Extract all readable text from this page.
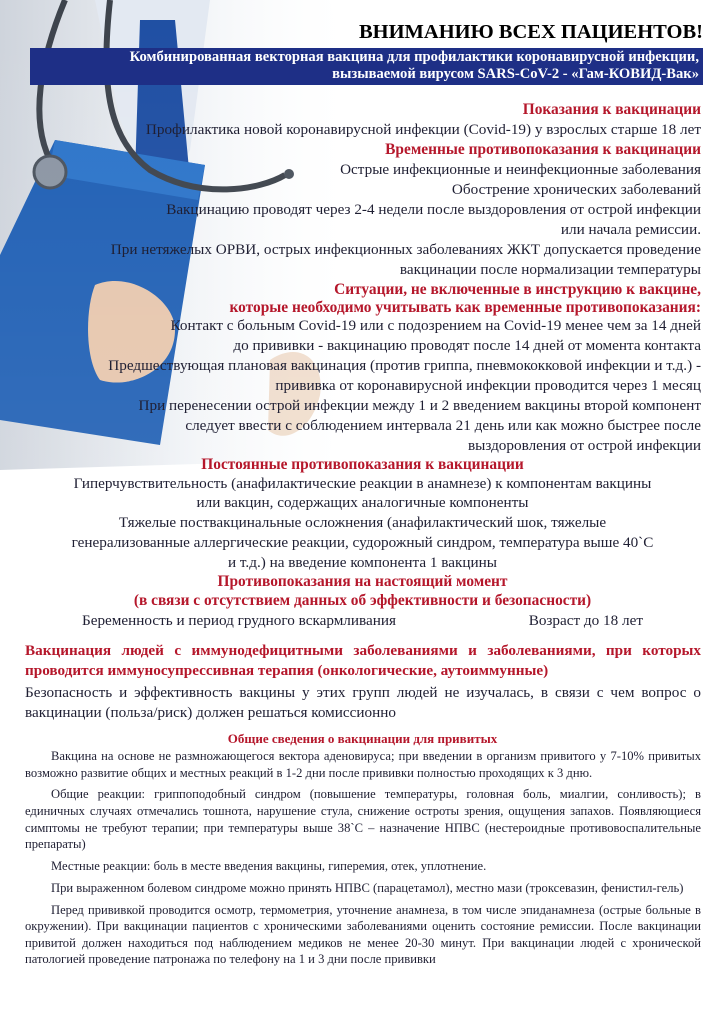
ВНИМАНИЮ ВСЕХ ПАЦИЕНТОВ!
Комбинированная векторная вакцина для профилактики коронавирусной инфекции,
вызываемой вирусом SARS-CoV-2 - «Гам-КОВИД-Вак»
Показания к вакцинации
Профилактика новой коронавирусной инфекции (Covid-19) у взрослых старше 18 лет
Временные противопоказания к вакцинации
Острые инфекционные и неинфекционные заболевания
Обострение хронических заболеваний
Вакцинацию проводят через 2-4 недели после выздоровления от острой инфекции
или начала ремиссии.
При нетяжелых ОРВИ, острых инфекционных заболеваниях ЖКТ допускается проведение
вакцинации после нормализации температуры
Ситуации, не включенные в инструкцию к вакцине,
которые необходимо учитывать как временные противопоказания:
Контакт с больным Covid-19 или с подозрением на Covid-19 менее чем за 14 дней
до прививки - вакцинацию проводят после 14 дней от момента контакта
Предшествующая плановая вакцинация (против гриппа, пневмококковой инфекции и т.д.) -
прививка от коронавирусной инфекции проводится через 1 месяц
При перенесении острой инфекции между 1 и 2 введением вакцины второй компонент
следует ввести с соблюдением интервала 21 день или как можно быстрее после
выздоровления от острой инфекции
Постоянные противопоказания к вакцинации
Гиперчувствительность (анафилактические реакции в анамнезе) к компонентам вакцины
или вакцин, содержащих аналогичные компоненты
Тяжелые поствакцинальные осложнения (анафилактический шок, тяжелые
генерализованные аллергические реакции, судорожный синдром, температура выше 40`С
и т.д.) на введение компонента 1 вакцины
Противопоказания на настоящий момент
(в связи с отсутствием данных об эффективности и безопасности)
Беременность и период грудного вскармливания	Возраст до 18 лет
Вакцинация людей с иммунодефицитными заболеваниями и заболеваниями, при которых проводится иммуносупрессивная терапия (онкологические, аутоиммунные)
Безопасность и эффективность вакцины у этих групп людей не изучалась, в связи с чем вопрос о вакцинации (польза/риск) должен решаться комиссионно
Общие сведения о вакцинации для привитых

Вакцина на основе не размножающегося вектора аденовируса; при введении в организм привитого у 7-10% привитых возможно развитие общих и местных реакций в 1-2 дни после прививки полностью проходящих к 3 дню.

Общие реакции: гриппоподобный синдром (повышение температуры, головная боль, миалгии, сонливость); в единичных случаях отмечались тошнота, нарушение стула, снижение остроты зрения, ощущения запахов. Появляющиеся симптомы не требуют терапии; при температуры выше 38`С – назначение НПВС (нестероидные противовоспалительные препараты)

Местные реакции: боль в месте введения вакцины, гиперемия, отек, уплотнение.

При выраженном болевом синдроме можно принять НПВС (парацетамол), местно мази (троксевазин, фенистил-гель)

Перед прививкой проводится осмотр, термометрия, уточнение анамнеза, в том числе эпиданамнеза (острые больные в окружении). При вакцинации пациентов с хроническими заболеваниями оценить состояние ремиссии. После вакцинации привитой должен находиться под наблюдением медиков не менее 20-30 минут. При вакцинации людей с хронической патологией проведение патронажа по телефону на 1 и 3 дни после прививки
